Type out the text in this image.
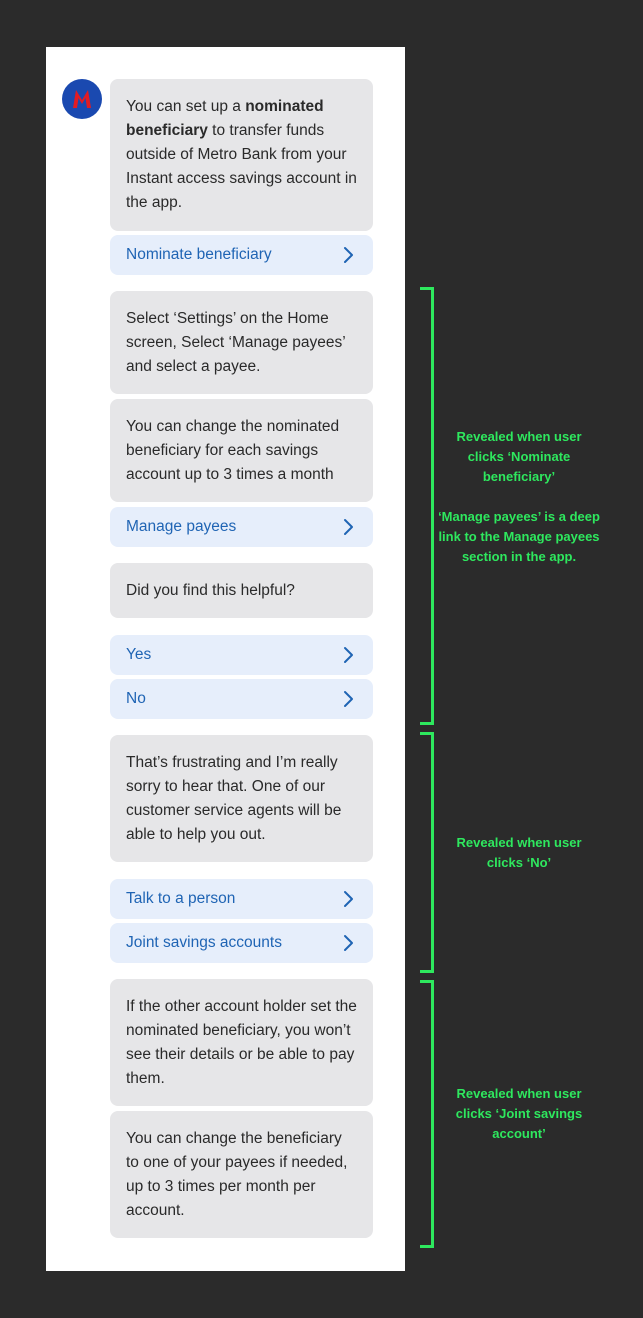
You can set up a nominated beneficiary to transfer funds outside of Metro Bank from your Instant access savings account in the app.
Nominate beneficiary
Select ‘Settings’ on the Home screen, Select ‘Manage payees’ and select a payee.
You can change the nominated beneficiary for each savings account up to 3 times a month
Manage payees
Did you find this helpful?
Yes
No
That’s frustrating and I’m really sorry to hear that. One of our customer service agents will be able to help you out.
Talk to a person
Joint savings accounts
If the other account holder set the nominated beneficiary, you won’t see their details or be able to pay them.
You can change the beneficiary to one of your payees if needed, up to 3 times per month per account.

Revealed when user clicks ‘Nominate beneficiary’

‘Manage payees’ is a deep link to the Manage payees section in the app.

Revealed when user clicks ‘No’

Revealed when user clicks ‘Joint savings account’
